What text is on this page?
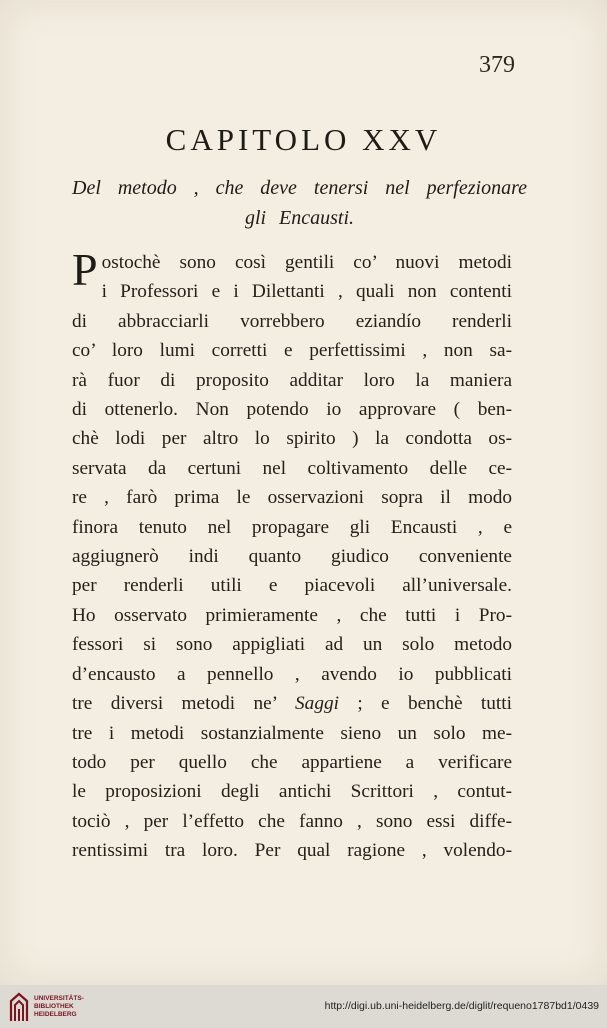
379
CAPITOLO XXV
Del metodo , che deve tenersi nel perfezionare
gli Encausti.
P ostochè sono così gentili co’ nuovi metodi
i Professori e i Dilettanti , quali non contenti
di abbracciarli vorrebbero eziandío renderli
co’ loro lumi corretti e perfettissimi , non sa-
rà fuor di proposito additar loro la maniera
di ottenerlo. Non potendo io approvare ( ben-
chè lodi per altro lo spirito ) la condotta os-
servata da certuni nel coltivamento delle ce-
re , farò prima le osservazioni sopra il modo
finora tenuto nel propagare gli Encausti , e
aggiugnerò indi quanto giudico conveniente
per renderli utili e piacevoli all’universale.
Ho osservato primieramente , che tutti i Pro-
fessori si sono appigliati ad un solo metodo
d’encausto a pennello , avendo io pubblicati
tre diversi metodi ne’ Saggi ; e benchè tutti
tre i metodi sostanzialmente sieno un solo me-
todo per quello che appartiene a verificare
le proposizioni degli antichi Scrittori , contut-
tociò , per l’effetto che fanno , sono essi diffe-
rentissimi tra loro. Per qual ragione , volendo-
UNIVERSITÄTS-
BIBLIOTHEK
HEIDELBERG
http://digi.ub.uni-heidelberg.de/diglit/requeno1787bd1/0439
